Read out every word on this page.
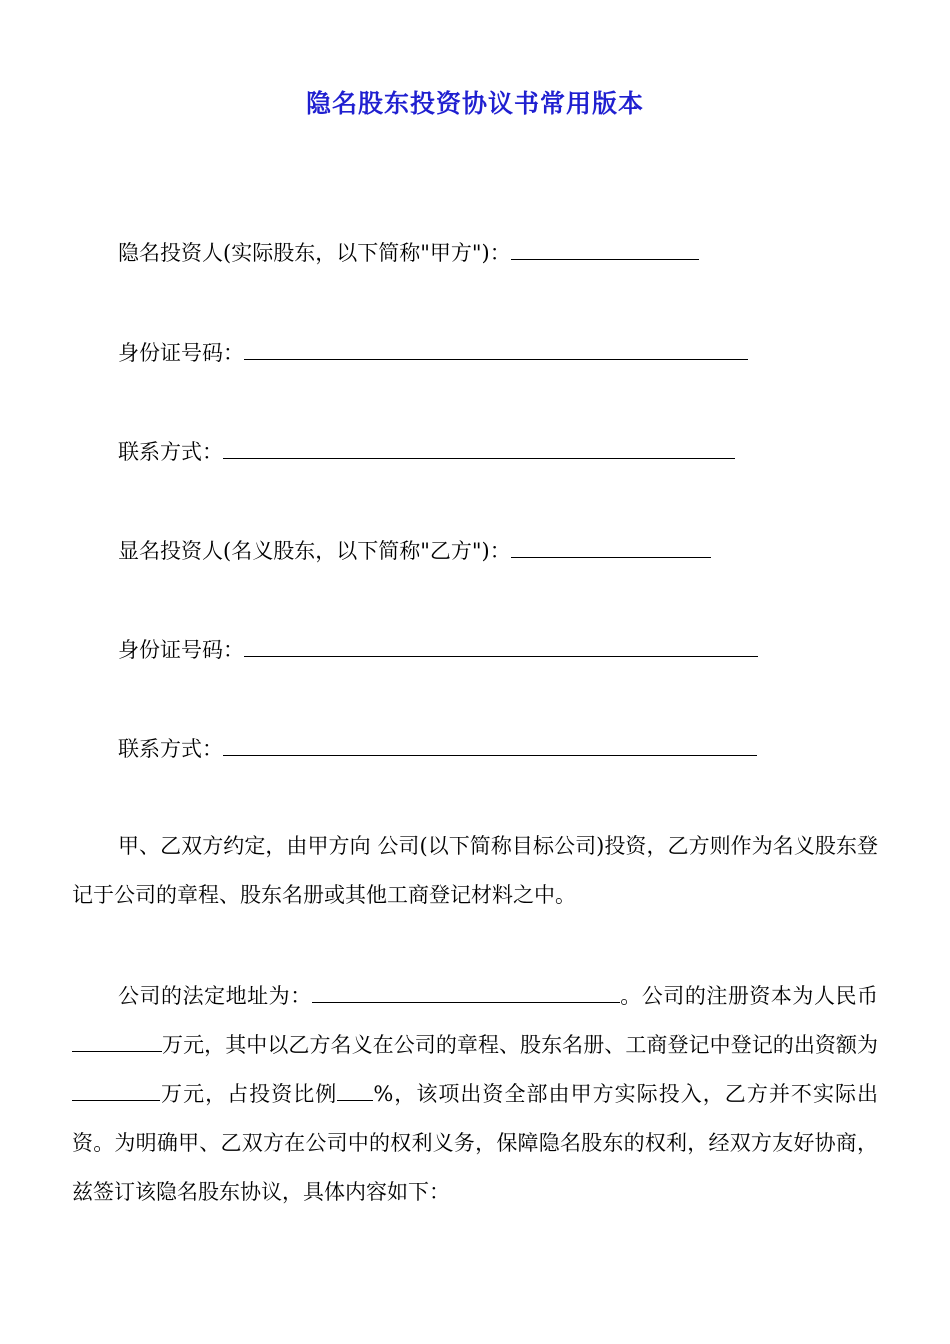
隐名股东投资协议书常用版本
隐名投资人(实际股东，以下简称"甲方")：
身份证号码：
联系方式：
显名投资人(名义股东，以下简称"乙方")：
身份证号码：
联系方式：
甲、乙双方约定，由甲方向 公司(以下简称目标公司)投资，乙方则作为名义股东登记于公司的章程、股东名册或其他工商登记材料之中。
公司的法定地址为：	。公司的注册资本为人民币万元，其中以乙方名义在公司的章程、股东名册、工商登记中登记的出资额为万元，占投资比例 %，该项出资全部由甲方实际投入，乙方并不实际出资。为明确甲、乙双方在公司中的权利义务，保障隐名股东的权利，经双方友好协商，兹签订该隐名股东协议，具体内容如下：
